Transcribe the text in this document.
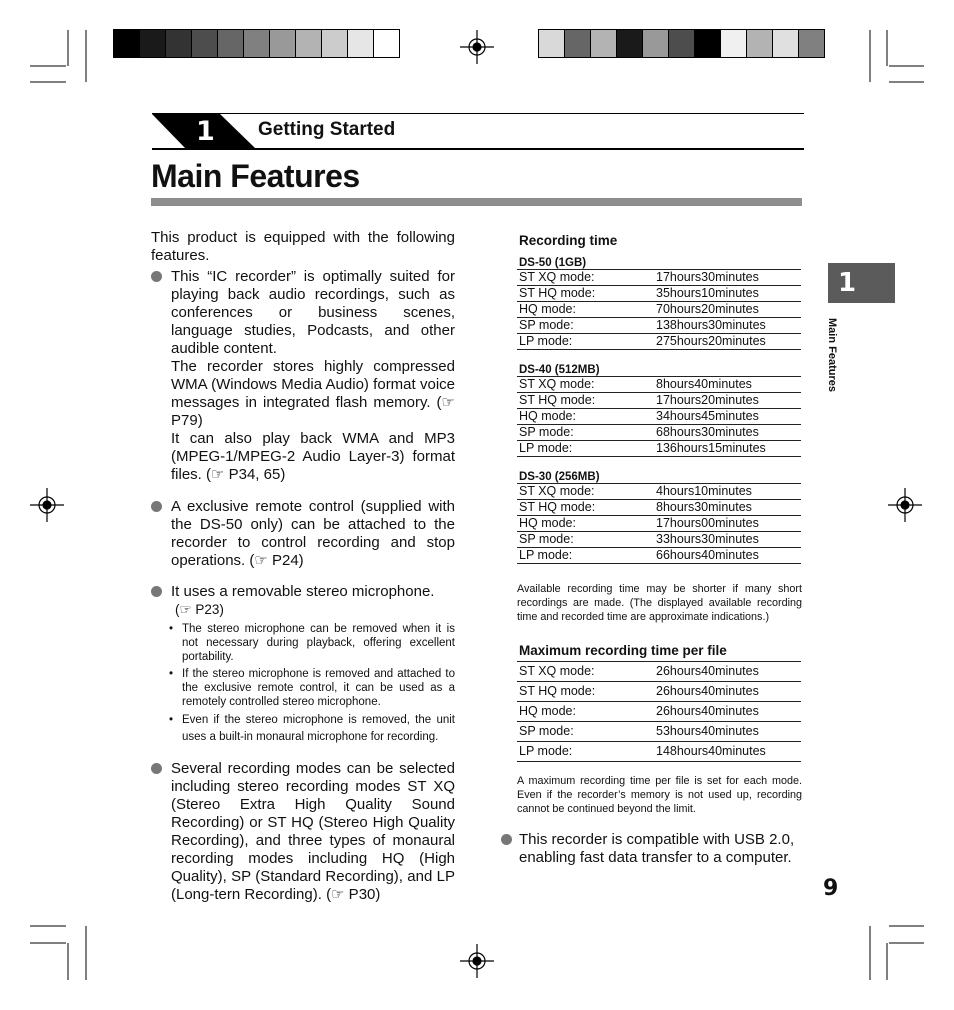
1 Getting Started
Main Features

This product is equipped with the following features.

This “IC recorder” is optimally suited for playing back audio recordings, such as conferences or business scenes, language studies, Podcasts, and other audible content.

The recorder stores highly compressed WMA (Windows Media Audio) format voice messages in integrated flash memory. (☞ P79)

It can also play back WMA and MP3 (MPEG-1/MPEG-2 Audio Layer-3) format files. (☞ P34, 65)

A exclusive remote control (supplied with the DS-50 only) can be attached to the recorder to control recording and stop operations. (☞ P24)

It uses a removable stereo microphone.

(☞ P23)

• The stereo microphone can be removed when it is not necessary during playback, offering excellent portability.

• If the stereo microphone is removed and attached to the exclusive remote control, it can be used as a remotely controlled stereo microphone.

• Even if the stereo microphone is removed, the unit uses a built-in monaural microphone for recording.

Several recording modes can be selected including stereo recording modes ST XQ (Stereo Extra High Quality Sound Recording) or ST HQ (Stereo High Quality Recording), and three types of monaural recording modes including HQ (High Quality), SP (Standard Recording), and LP (Long-tern Recording). (☞ P30)

Recording time
DS-50 (1GB)
ST XQ mode:	17hours30minutes
ST HQ mode:	35hours10minutes
HQ mode:	70hours20minutes
SP mode:	138hours30minutes
LP mode:	275hours20minutes
DS-40 (512MB)
ST XQ mode:	8hours40minutes
ST HQ mode:	17hours20minutes
HQ mode:	34hours45minutes
SP mode:	68hours30minutes
LP mode:	136hours15minutes
DS-30 (256MB)
ST XQ mode:	4hours10minutes
ST HQ mode:	8hours30minutes
HQ mode:	17hours00minutes
SP mode:	33hours30minutes
LP mode:	66hours40minutes
Available recording time may be shorter if many short recordings are made. (The displayed available recording time and recorded time are approximate indications.)
Maximum recording time per file
ST XQ mode:	26hours40minutes
ST HQ mode:	26hours40minutes
HQ mode:	26hours40minutes
SP mode:	53hours40minutes
LP mode:	148hours40minutes
A maximum recording time per file is set for each mode. Even if the recorder’s memory is not used up, recording cannot be continued beyond the limit.

This recorder is compatible with USB 2.0, enabling fast data transfer to a computer.

1
Main Features
9
